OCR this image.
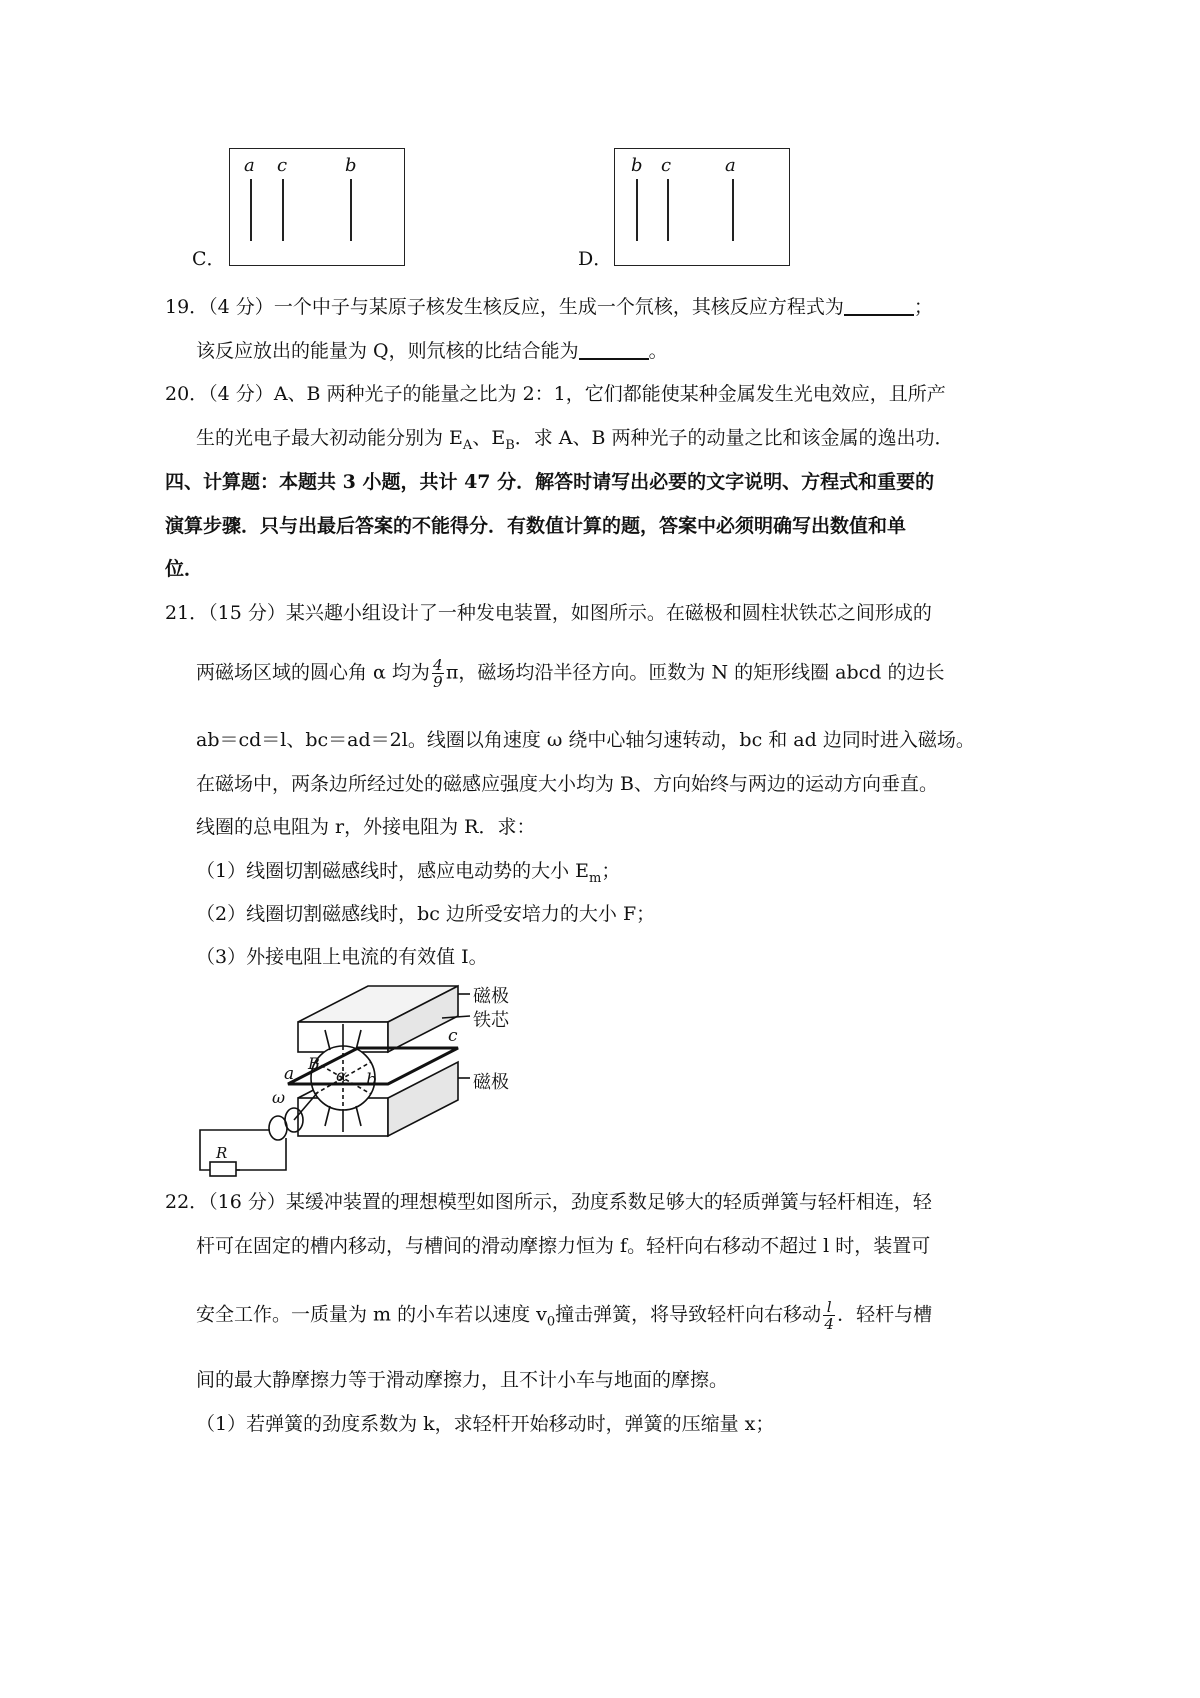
C．
a c	b
D．
b c	a
19．（4 分）一个中子与某原子核发生核反应，生成一个氘核，其核反应方程式为	；
该反应放出的能量为 Q，则氘核的比结合能为	。
20．（4 分）A、B 两种光子的能量之比为 2：1，它们都能使某种金属发生光电效应，且所产
生的光电子最大初动能分别为 $E_A$、$E_B$．求 A、B 两种光子的动量之比和该金属的逸出功．
四、计算题：本题共 3 小题，共计 47 分．解答时请写出必要的文字说明、方程式和重要的
演算步骤．只与出最后答案的不能得分．有数值计算的题，答案中必须明确写出数值和单
位．
21．（15 分）某兴趣小组设计了一种发电装置，如图所示。在磁极和圆柱状铁芯之间形成的
两磁场区域的圆心角 α 均为 $\frac{4}{9}$ π，磁场均沿半径方向。匝数为 N 的矩形线圈 abcd 的边长
ab＝cd＝l、bc＝ad＝2l。线圈以角速度 ω 绕中心轴匀速转动，bc 和 ad 边同时进入磁场。
在磁场中，两条边所经过处的磁感应强度大小均为 B、方向始终与两边的运动方向垂直。
线圈的总电阻为 r，外接电阻为 R．求：
（1）线圈切割磁感线时，感应电动势的大小 $E_m$；
（2）线圈切割磁感线时，bc 边所受安培力的大小 F；
（3）外接电阻上电流的有效值 I。
磁极
铁芯
磁极
c
a	b
B
α
ω
R
22．（16 分）某缓冲装置的理想模型如图所示，劲度系数足够大的轻质弹簧与轻杆相连，轻
杆可在固定的槽内移动，与槽间的滑动摩擦力恒为 f。轻杆向右移动不超过 l 时，装置可
安全工作。一质量为 m 的小车若以速度 $v_0$撞击弹簧，将导致轻杆向右移动 $\frac{l}{4}$ ．轻杆与槽
间的最大静摩擦力等于滑动摩擦力，且不计小车与地面的摩擦。
（1）若弹簧的劲度系数为 k，求轻杆开始移动时，弹簧的压缩量 x；
